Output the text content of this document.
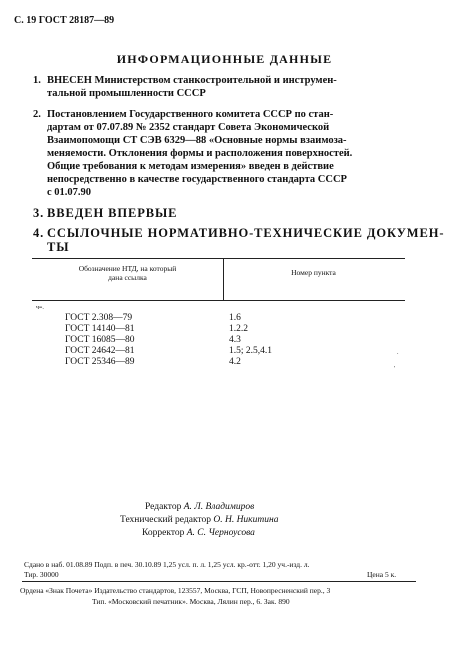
С. 19 ГОСТ 28187—89
ИНФОРМАЦИОННЫЕ ДАННЫЕ
1. ВНЕСЕН Министерством станкостроительной и инструмен-
тальной промышленности СССР
2. Постановлением Государственного комитета СССР по стан-
дартам от 07.07.89 № 2352 стандарт Совета Экономической
Взаимопомощи СТ СЭВ 6329—88 «Основные нормы взаимоза-
меняемости. Отклонения формы и расположения поверхностей.
Общие требования к методам измерения» введен в действие
непосредственно в качестве государственного стандарта СССР
с 01.07.90
3. ВВЕДЕН ВПЕРВЫЕ
4. ССЫЛОЧНЫЕ НОРМАТИВНО-ТЕХНИЧЕСКИЕ ДОКУМЕН-
ТЫ
Обозначение НТД, на который
дана ссылка
Номер пункта
ч≡.
ГОСТ 2.308—79	1.6
ГОСТ 14140—81	1.2.2
ГОСТ 16085—80	4.3
ГОСТ 24642—81	1.5; 2.5,4.1
ГОСТ 25346—89	4.2
.
ʹ
Редактор А. Л. Владимиров
Технический редактор О. Н. Никитина
Корректор А. С. Черноусова
Сдано в наб. 01.08.89 Подп. в печ. 30.10.89 1,25 усл. п. л. 1,25 усл. кр.-отт. 1,20 уч.-изд. л.
Тир. 30000	Цена 5 к.
Ордена «Знак Почета» Издательство стандартов, 123557, Москва, ГСП, Новопресненский пер., 3
Тип. «Московский печатник». Москва, Лялин пер., 6. Зак. 890
